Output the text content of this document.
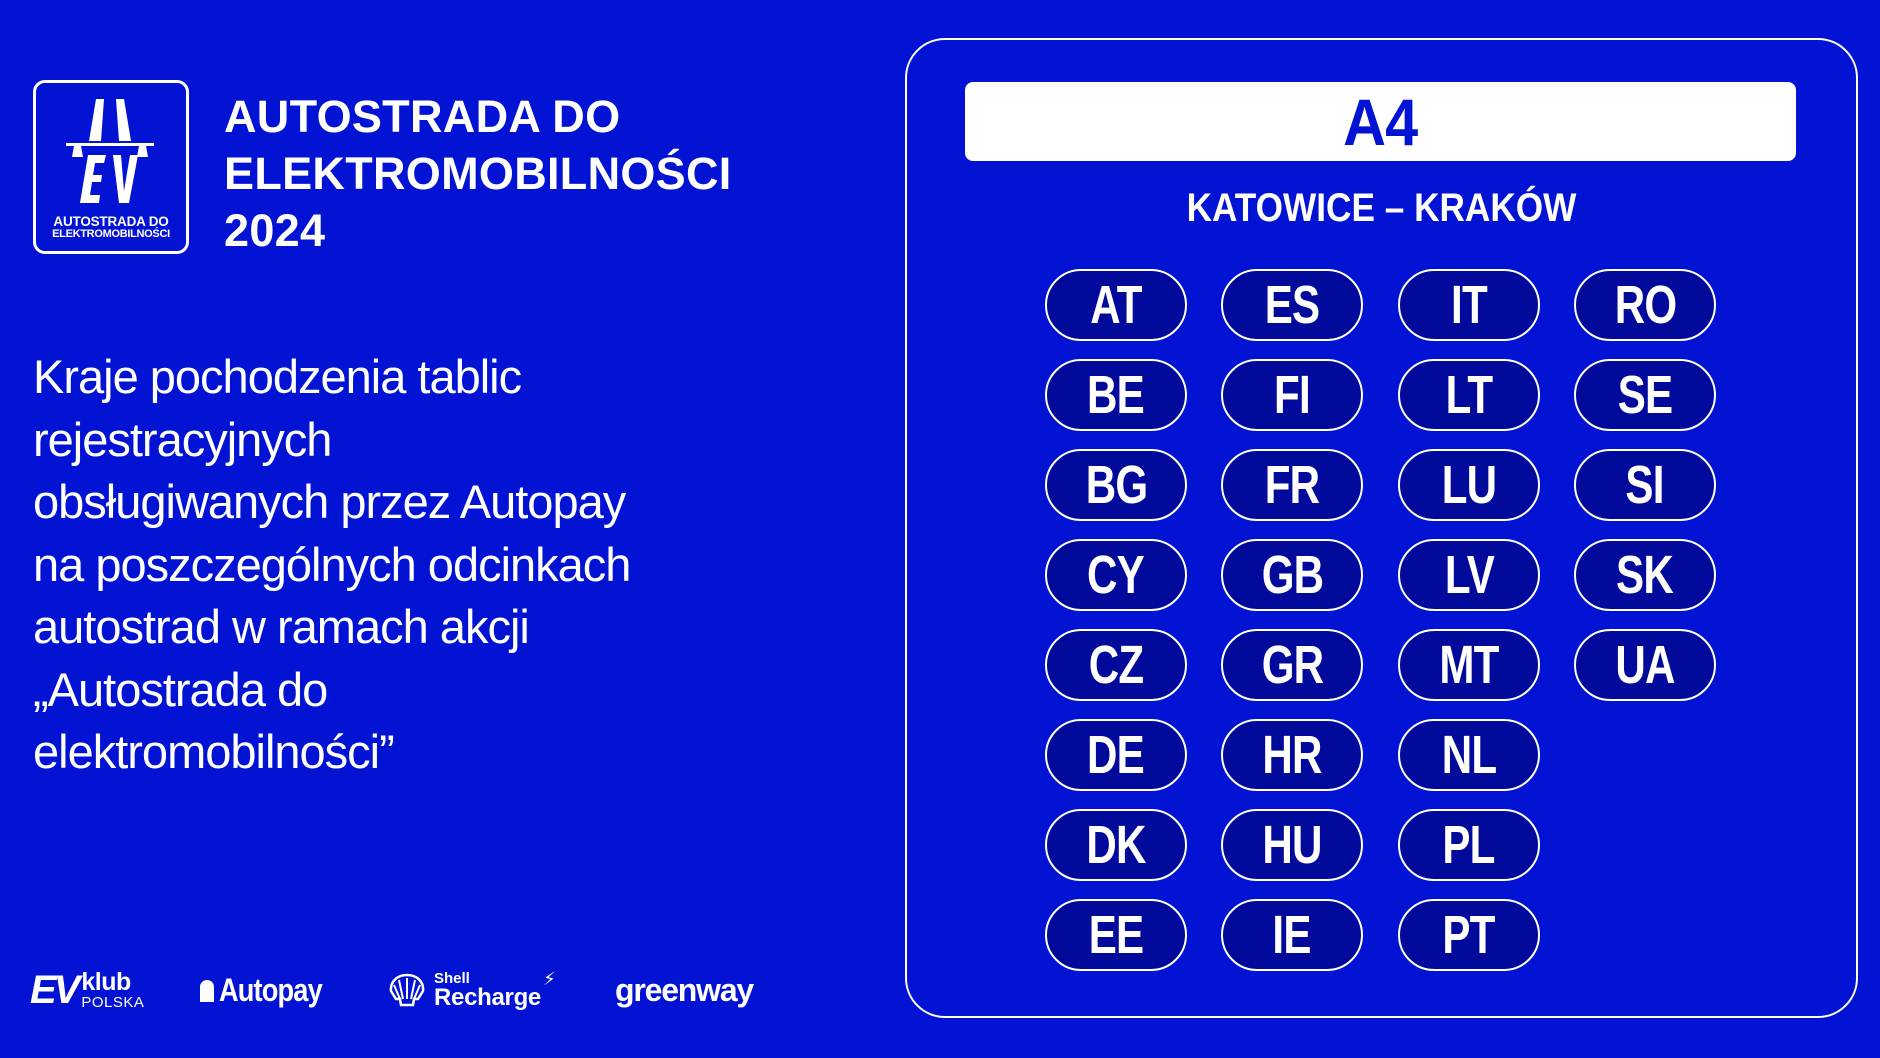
AUTOSTRADA DO
ELEKTROMOBILNOŚCI
AUTOSTRADA DO
ELEKTROMOBILNOŚCI
2024
Kraje pochodzenia tablic
rejestracyjnych
obsługiwanych przez Autopay
na poszczególnych odcinkach
autostrad w ramach akcji
„Autostrada do
elektromobilności”
EV klub
POLSKA Autopay	Shell
Recharge
⚡ greenway
A4
KATOWICE – KRAKÓW
AT
BE
BG
CY
CZ
DE
DK
EE
ES
FI
FR
GB
GR
HR
HU
IE
IT
LT
LU
LV
MT
NL
PL
PT
RO
SE
SI
SK
UA
